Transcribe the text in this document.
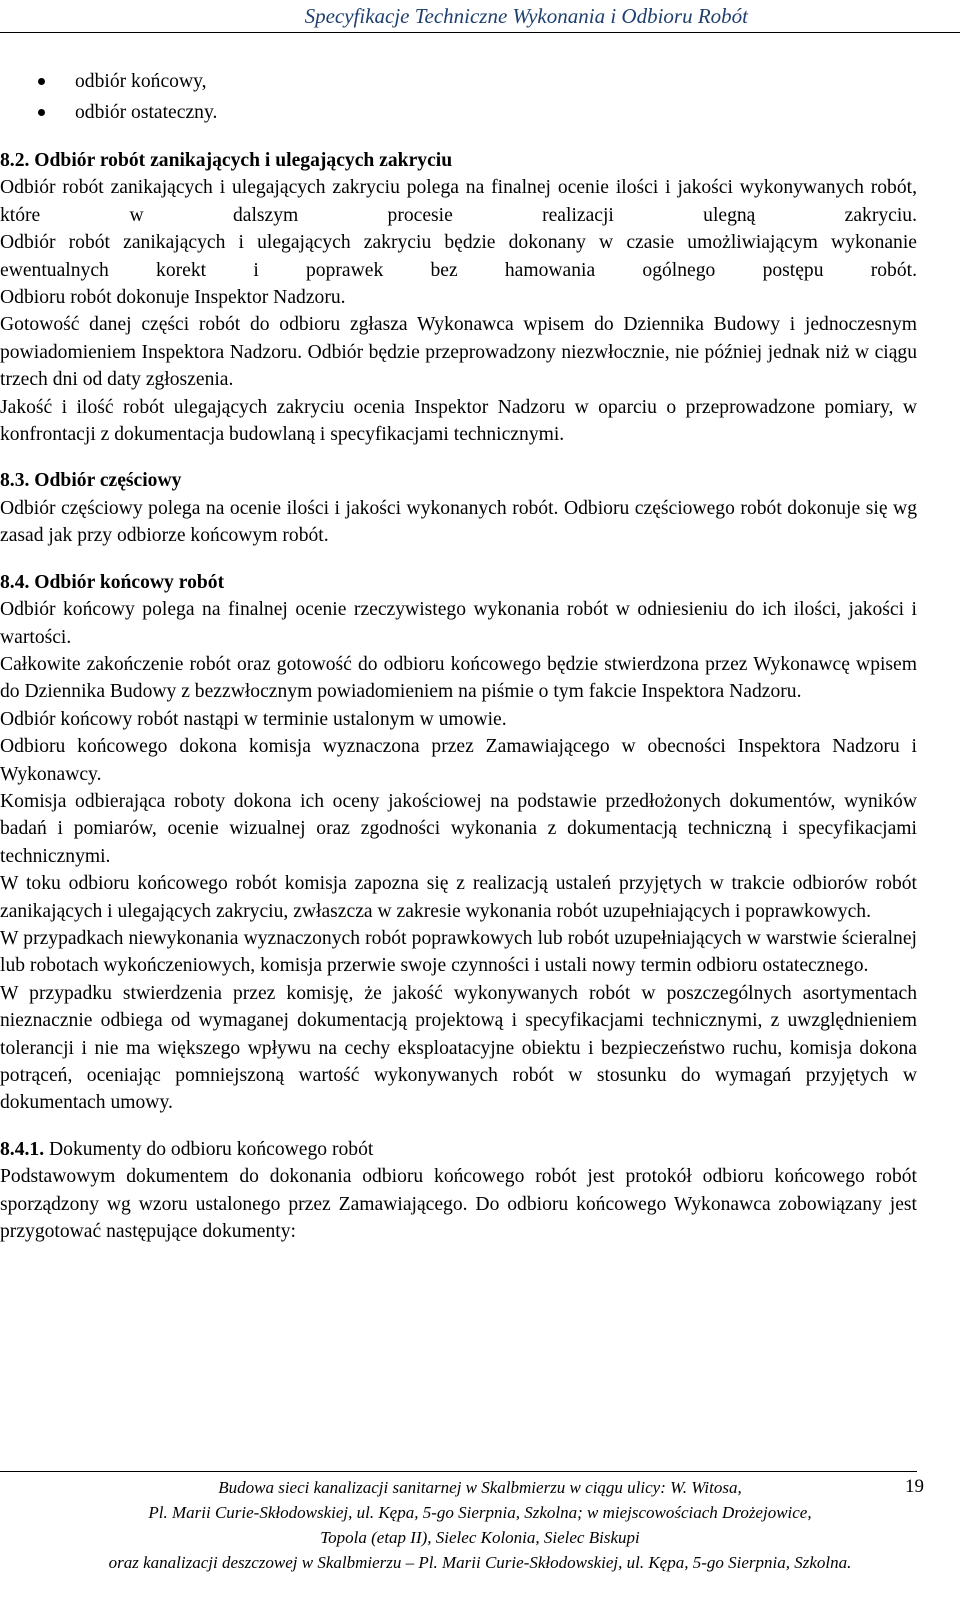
Specyfikacje Techniczne Wykonania i Odbioru Robót
odbiór końcowy,
odbiór ostateczny.
8.2. Odbiór robót zanikających i ulegających zakryciu

Odbiór robót zanikających i ulegających zakryciu polega na finalnej ocenie ilości i jakości wykonywanych robót, które w dalszym procesie realizacji ulegną zakryciu.

Odbiór robót zanikających i ulegających zakryciu będzie dokonany w czasie umożliwiającym wykonanie ewentualnych korekt i poprawek bez hamowania ogólnego postępu robót.

Odbioru robót dokonuje Inspektor Nadzoru.

Gotowość danej części robót do odbioru zgłasza Wykonawca wpisem do Dziennika Budowy i jednoczesnym powiadomieniem Inspektora Nadzoru. Odbiór będzie przeprowadzony niezwłocznie, nie później jednak niż w ciągu trzech dni od daty zgłoszenia.

Jakość i ilość robót ulegających zakryciu ocenia Inspektor Nadzoru w oparciu o przeprowadzone pomiary, w konfrontacji z dokumentacja budowlaną i specyfikacjami technicznymi.

8.3. Odbiór częściowy

Odbiór częściowy polega na ocenie ilości i jakości wykonanych robót. Odbioru częściowego robót dokonuje się wg zasad jak przy odbiorze końcowym robót.

8.4. Odbiór końcowy robót

Odbiór końcowy polega na finalnej ocenie rzeczywistego wykonania robót w odniesieniu do ich ilości, jakości i wartości.

Całkowite zakończenie robót oraz gotowość do odbioru końcowego będzie stwierdzona przez Wykonawcę wpisem do Dziennika Budowy z bezzwłocznym powiadomieniem na piśmie o tym fakcie Inspektora Nadzoru.

Odbiór końcowy robót nastąpi w terminie ustalonym w umowie.

Odbioru końcowego dokona komisja wyznaczona przez Zamawiającego w obecności Inspektora Nadzoru i Wykonawcy.

Komisja odbierająca roboty dokona ich oceny jakościowej na podstawie przedłożonych dokumentów, wyników badań i pomiarów, ocenie wizualnej oraz zgodności wykonania z dokumentacją techniczną i specyfikacjami technicznymi.

W toku odbioru końcowego robót komisja zapozna się z realizacją ustaleń przyjętych w trakcie odbiorów robót zanikających i ulegających zakryciu, zwłaszcza w zakresie wykonania robót uzupełniających i poprawkowych.

W przypadkach niewykonania wyznaczonych robót poprawkowych lub robót uzupełniających w warstwie ścieralnej lub robotach wykończeniowych, komisja przerwie swoje czynności i ustali nowy termin odbioru ostatecznego.

W przypadku stwierdzenia przez komisję, że jakość wykonywanych robót w poszczególnych asortymentach nieznacznie odbiega od wymaganej dokumentacją projektową i specyfikacjami technicznymi, z uwzględnieniem tolerancji i nie ma większego wpływu na cechy eksploatacyjne obiektu i bezpieczeństwo ruchu, komisja dokona potrąceń, oceniając pomniejszoną wartość wykonywanych robót w stosunku do wymagań przyjętych w dokumentach umowy.

8.4.1. Dokumenty do odbioru końcowego robót

Podstawowym dokumentem do dokonania odbioru końcowego robót jest protokół odbioru końcowego robót sporządzony wg wzoru ustalonego przez Zamawiającego. Do odbioru końcowego Wykonawca zobowiązany jest przygotować następujące dokumenty:

Budowa sieci kanalizacji sanitarnej w Skalbmierzu w ciągu ulicy: W. Witosa,
Pl. Marii Curie-Skłodowskiej, ul. Kępa, 5-go Sierpnia, Szkolna; w miejscowościach Drożejowice,
Topola (etap II), Sielec Kolonia, Sielec Biskupi
oraz kanalizacji deszczowej w Skalbmierzu – Pl. Marii Curie-Skłodowskiej, ul. Kępa, 5-go Sierpnia, Szkolna.
19
